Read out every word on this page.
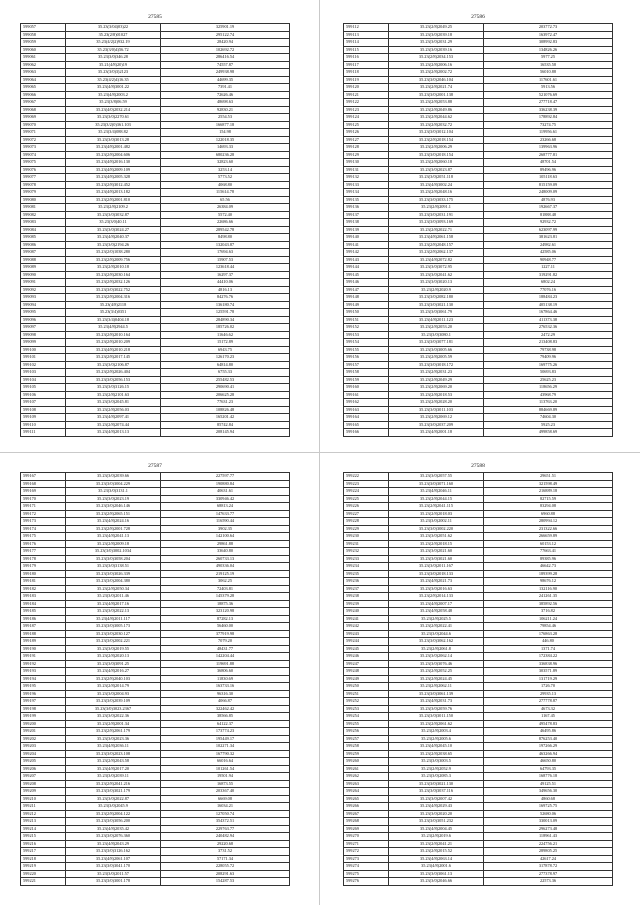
27585
599057	35.23(3/04)03)22	325901.19
599058	35.23(2/8)01027	295122.74
599059	35.23(4/2)2)932.19	28420.94
599060	35.23(3/0)4)56.72	102692.72
599061	35.23(3/0)346.28	286416.54
599062	35.21(4/8)20)19	74557.87
599063	35.23(3/0)3)2123	249938.98
599064	35.23(4/2)4)16.35	44699.35
599065	35.23(4/8)3001.22	7391.41
599066	35.23(4/8)2003.2	72626.46
599067	35.23(3/8)06.59	48698.63
599068	35.23(4/0)2032.214	92830.21
599069	35.23(3/0)2270.61	2554.53
599070	35.23(3/2)0)361.103	166877.18
599071	35.23(3/4)088.82	154.98
599072	35.23(3/0)3013.28	122018.35
599073	35.23(4/8)2001.482	14693.33
599074	35.23(2/8)2004.606	680236.28
599075	35.23(4/8)2016.130	32823.60
599076	35.23(4/8)2009.109	3253.14
599077	35.23(4/8)2005.328	5773.52
599078	35.23(2/8)3012.452	4068.80
599079	35.23(4/8)2013.182	115614.78
599080	35.23(2/8)2001.810	65.56
599081	35.23(2/8)2109.2	26384.09
599082	35.23(3/0)3032.87	5572.40
599083	35.23(3/0)40.11	22686.66
599084	35.23(3/0)3024.27	289542.78
599085	35.23(4/8)2040.37	8498.80
599086	35.23(3/0)2194.26	132043.87
599087	35.23(2/0)1038.280	17694.63
599088	35.23(2/8)2009.756	15907.53
599089	35.23(2/8)2010.18	123618.44
599090	35.23(2/8)2030.164	16297.37
599091	35.23(2/8)2032.126	44410.06
599092	35.23(3/0)3022.752	4816.13
599093	35.23(2/8)2004.316	84276.76
599094	35.23(4/8)2118	136180.74
599095	35.23(3/4)0351	125591.78
599096	35.23(3/4)0404.18	284890.34
599097	35.23(4/8)2944.5	185726.02
599098	35.23(2/8)2010.164	11646.62
599099	35.23(2/8)2010.209	15172.89
599100	35.23(4/8)2010.218	6943.75
599101	35.23(2/8)2017.145	126170.23
599102	35.23(3/0)2106.87	64814.80
599103	35.23(2/8)2026.404	6755.33
599104	35.23(3/0)2056.153	255482.53
599105	35.23(3/0)3126.15	290690.41
599106	35.23(2/8)2101.63	206625.28
599107	35.23(3/0)2045.81	77631.23
599108	35.23(2/8)2056.03	108826.48
599109	35.23(4/8)2097.41	165201.42
599110	35.23(2/8)2074.44	85742.84
599111	35.23(4/8)2013.13	208145.94
27586
599112	35.23(2/8)2049.25	203772.73
599113	35.23(3/0)2039.18	163972.47
599114	35.23(3/0)2031.29	308992.83
599115	35.23(3/0)2039.16	134826.26
599116	35.23(2/8)2034.153	5977.25
599117	35.23(2/8)2006.16	16535.58
599118	35.23(2/8)2002.72	56010.88
599119	35.23(3/0)2046.104	117601.61
599120	35.23(2/8)2021.74	5913.56
599121	35.23(3/0)2001.138	521076.69
599122	35.23(2/8)2053.88	277718.47
599123	35.23(2/8)2049.86	336238.39
599124	35.23(2/8)2044.62	178892.84
599125	35.23(2/8)2032.72	73274.75
599126	35.23(3/0)3012.104	119956.61
599127	35.23(2/8)2018.154	23266.68
599128	35.23(2/8)2006.29	139963.96
599129	35.23(3/0)2018.154	268777.81
599130	35.23(2/8)2060.18	48701.54
599131	35.23(3/0)2023.87	89496.96
599132	35.23(3/0)2051.118	105118.63
599133	35.23(4/8)3002.24	815159.09
599134	35.23(2/8)2048.16	248009.09
599135	35.23(3/0)3033.175	4876.93
599136	35.23(2/8)2091.1	192667.37
599137	35.23(3/0)2031.191	81888.48
599138	35.23(3/0)3093.169	92932.72
599139	35.23(2/8)2022.71	623097.99
599140	35.23(4/8)2061.158	381623.81
599141	35.23(2/8)2048.157	24982.61
599142	35.23(2/8)2062.137	42585.06
599143	35.23(4/8)2072.82	90948.77
599144	35.23(3/0)3072.95	1227.11
599145	35.23(3/0)2041.62	319291.82
599146	35.23(3/0)3020.13	6802.24
599147	35.23(2/8)2020.9	77076.16
599148	35.23(3/0)2082.180	188484.23
599149	35.23(3/0)3021.130	405138.19
599150	35.23(3/0)3061.79	167864.46
599151	35.23(4/8)2011.123	411373.38
599152	35.23(2/8)2053.20	276532.36
599153	35.23(3/0)3080.1	2472.29
599154	35.23(3/0)3077.181	213408.83
599155	35.23(3/0)3005.66	79738.98
599156	35.23(2/8)2005.59	79409.96
599157	35.23(3/0)3018.172	169775.26
599158	35.23(2/8)2031.23	50693.83
599159	35.23(2/8)2049.29	25625.23
599160	35.23(2/8)2069.20	118656.29
599161	35.23(2/8)2018.53	43968.79
599162	35.23(2/8)2028.20	113763.20
599163	35.23(3/0)3011.103	884669.89
599164	35.23(2/8)2069.12	74604.30
599165	35.23(3/0)2037.209	5925.23
599166	35.23(4/8)2001.18	499858.69
27587
599167	35.23(3/0)2039.66	227597.77
599168	35.23(3/0)3004.229	190880.84
599169	35.23(3/0)3131.1	40631.61
599170	35.23(3/0)2023.19	330946.42
599171	35.23(3/0)2046.146	68813.24
599172	35.23(2/8)2065.151	147633.77
599173	35.23(4/8)2024.16	116590.44
599174	35.23(2/8)2001.728	3902.35
599175	35.23(4/8)2041.13	142100.64
599176	35.23(2/8)2009.18	29861.88
599177	35.23(3/0)3002.1034	33640.80
599178	35.23(3/0)3058.204	260733.13
599179	35.23(3/0)3138.51	490336.04
599180	35.23(3/0)3026.339	219125.19
599181	35.23(3/0)2004.380	3062.25
599182	35.23(2/8)2050.34	72403.81
599183	35.23(3/0)2011.46	145379.28
599184	35.23(4/8)2017.16	18875.36
599185	35.23(3/0)2022.13	323120.98
599186	35.23(4/8)2011.117	87282.13
599187	35.23(3/0)3005.173	56460.00
599188	35.23(3/0)2030.127	377919.98
599189	35.23(3/0)2002.221	7079.20
599190	35.23(3/0)2019.55	48431.77
599191	35.23(2/8)2020.13	142204.44
599192	35.23(3/0)3091.25	119691.88
599193	35.23(4/8)2016.27	36806.60
599194	35.23(2/8)2040.103	11830.69
599195	35.23(2/8)2014.79	163733.16
599196	35.23(3/0)2004.93	96316.30
599197	35.23(3/0)2039.109	4066.87
599198	35.23(3/0)3023.2367	322462.42
599199	35.23(3/0)2022.36	38566.85
599200	35.23(2/8)2001.34	64122.37
599201	35.23(2/8)2061.179	173774.23
599202	35.23(3/0)2023.36	195449.17
599203	35.23(4/8)2036.11	102271.34
599204	35.23(3/0)2023.108	167790.32
599205	35.23(2/8)2043.58	66016.64
599206	35.23(4/8)2017.20	101261.54
599207	35.23(3/0)2039.11	19501.94
599208	35.23(2/8)2041.216	16873.55
599209	35.23(3/0)3021.179	203367.40
599210	35.23(3/0)2022.87	6669.08
599211	35.23(3/0)2045.9	16034.21
599212	35.23(2/8)2004.122	127050.74
599213	35.23(3/0)3056.200	354372.51
599214	35.23(4/8)2035.42	229763.77
599215	35.23(3/0)2076.360	240482.94
599216	35.23(4/8)2043.29	29220.68
599217	35.23(3/0)3126.162	3731.52
599218	35.23(4/8)2061.107	57171.34
599219	35.23(3/0)3041.170	228055.72
599220	35.23(3/0)2011.57	208291.63
599221	35.23(3/0)3001.178	154287.53
27588
599222	35.23(3/0)2057.55	29651.51
599223	35.23(3/0)3071.160	321598.49
599224	35.23(4/8)2046.11	216889.18
599225	35.23(2/8)2044.15	82715.59
599226	35.23(2/8)2041.115	83294.08
599227	35.23(2/8)2018.03	6960.88
599228	35.23(3/0)2002.11	280994.12
599229	35.23(3/0)3002.220	231322.66
599230	35.23(3/0)2051.62	266659.89
599231	35.23(2/8)2018.15	60153.12
599232	35.23(3/0)2021.60	77663.41
599233	35.23(3/0)3021.60	89385.96
599234	35.23(3/0)2011.167	46642.73
599235	35.23(3/0)2018.133	189399.28
599236	35.23(4/8)2021.73	98676.12
599237	35.23(3/0)2016.63	132116.90
599238	35.23(2/8)2014.133	241261.35
599239	35.23(4/8)2007.17	385892.56
599240	35.23(4/8)2058.48	3716.82
599241	35.23(2/8)2025.5	106211.24
599242	35.23(2/8)2022.41	79854.46
599243	35.23(3/0)2044.6	176863.28
599244	35.23(3/0)3062.162	446.80
599245	35.23(2/8)2061.8	1371.74
599246	35.23(3/0)2062.14	172384.22
599247	35.23(3/0)3076.46	336838.96
599248	35.23(2/8)2052.25	303571.89
599249	35.23(2/8)2024.45	131719.29
599250	35.23(2/8)2062.11	1726.70
599251	35.23(3/0)3061.139	29935.13
599252	35.23(4/8)2031.73	277778.87
599253	35.23(3/0)2059.76	4673.32
599254	35.23(3/0)3011.150	1167.45
599255	35.23(2/8)2061.62	495478.83
599256	35.23(2/8)2003.4	46495.86
599257	35.23(2/8)2005.6	876253.40
599258	35.23(4/8)2045.10	197266.29
599259	35.23(2/8)2038.65	463266.94
599260	35.23(3/0)3003.5	46650.80
599261	35.23(2/8)2052.9	64793.35
599262	35.23(3/0)2085.3	168776.18
599263	35.23(3/0)3021.130	49125.51
599264	35.23(3/0)3037.116	349656.30
599265	35.23(3/0)2007.42	4860.68
599266	35.23(4/8)2029.43	169725.75
599267	35.23(3/0)2020.20	52680.06
599268	35.23(3/0)3051.232	330013.09
599269	35.23(4/8)2004.45	296273.48
599270	35.23(2/8)2019.6	118961.43
599271	35.23(2/8)2041.21	224756.21
599272	35.23(2/8)2015.52	289805.25
599273	35.23(4/8)2063.14	42617.24
599274	35.23(4/8)2001.6	317878.72
599275	35.23(3/0)3061.13	277378.97
599276	35.23(3/0)2046.66	22573.36
